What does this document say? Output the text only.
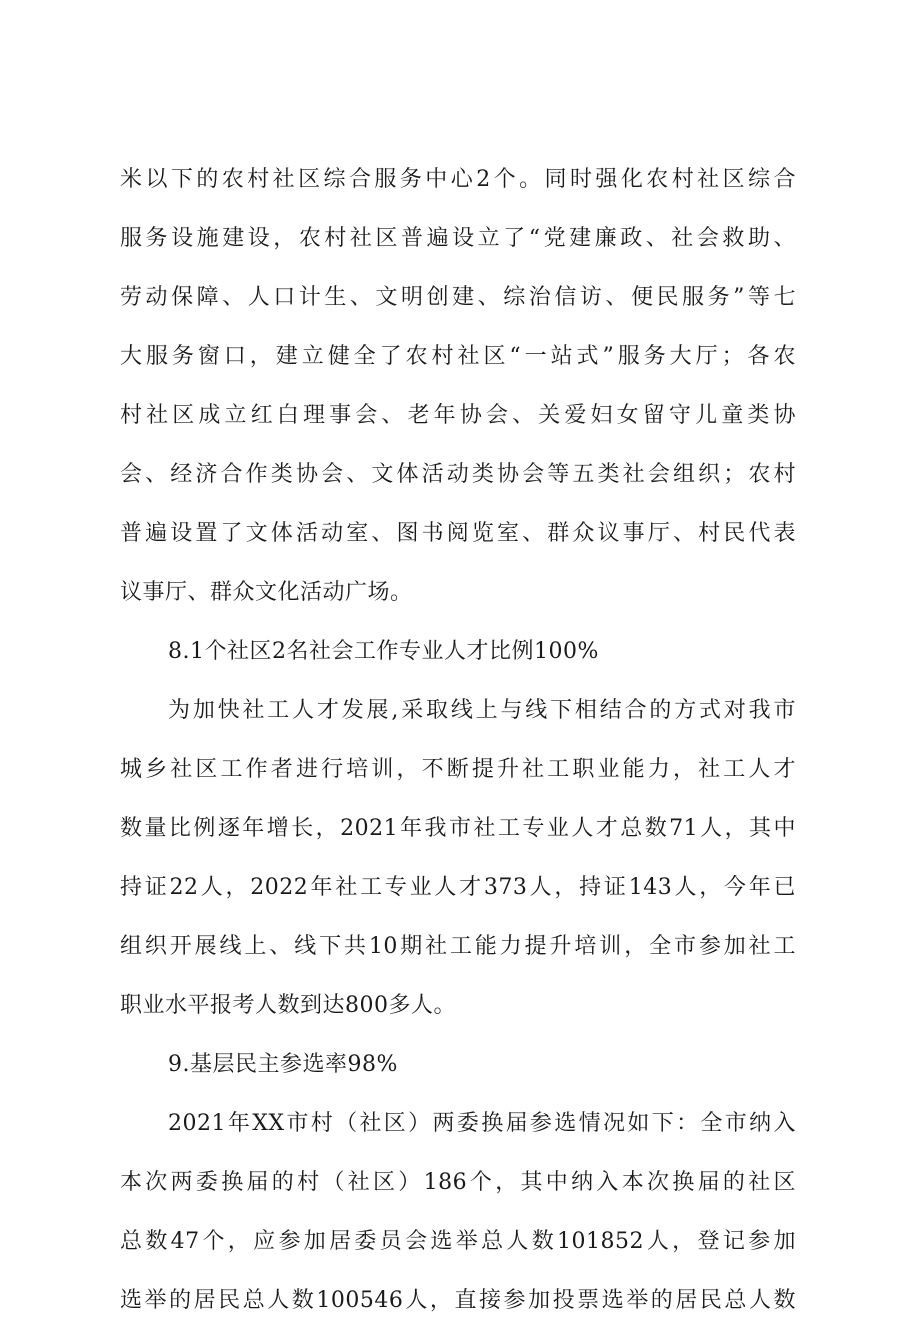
米以下的农村社区综合服务中心2个。同时强化农村社区综合
服务设施建设，农村社区普遍设立了“党建廉政、社会救助、
劳动保障、人口计生、文明创建、综治信访、便民服务”等七
大服务窗口，建立健全了农村社区“一站式”服务大厅；各农
村社区成立红白理事会、老年协会、关爱妇女留守儿童类协
会、经济合作类协会、文体活动类协会等五类社会组织；农村
普遍设置了文体活动室、图书阅览室、群众议事厅、村民代表
议事厅、群众文化活动广场。
8.1个社区2名社会工作专业人才比例100%
为加快社工人才发展,采取线上与线下相结合的方式对我市
城乡社区工作者进行培训，不断提升社工职业能力，社工人才
数量比例逐年增长，2021年我市社工专业人才总数71人，其中
持证22人，2022年社工专业人才373人，持证143人，今年已
组织开展线上、线下共10期社工能力提升培训，全市参加社工
职业水平报考人数到达800多人。
9.基层民主参选率98%
2021年XX市村（社区）两委换届参选情况如下：全市纳入
本次两委换届的村（社区）186个，其中纳入本次换届的社区
总数47个，应参加居委员会选举总人数101852人，登记参加
选举的居民总人数100546人，直接参加投票选举的居民总人数
